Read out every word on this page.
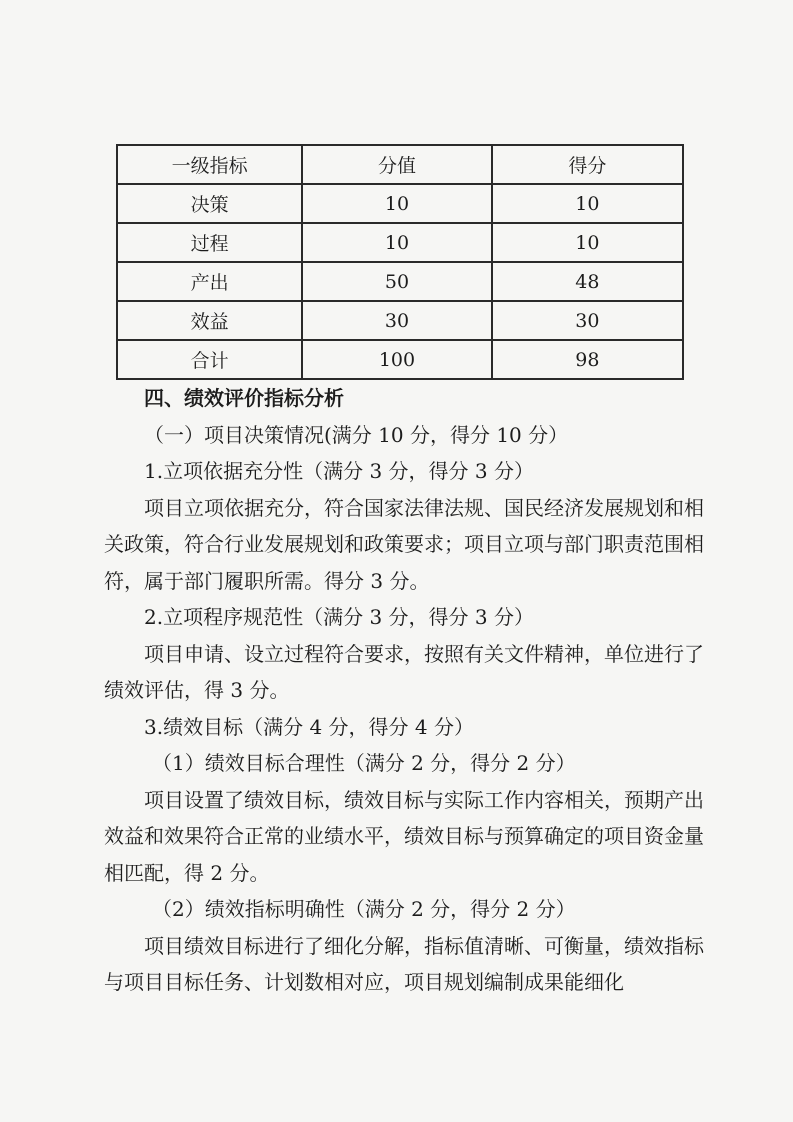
一级指标	分值	得分
决策	10	10
过程	10	10
产出	50	48
效益	30	30
合计	100	98

四、绩效评价指标分析

（一）项目决策情况(满分 10 分，得分 10 分）

1.立项依据充分性（满分 3 分，得分 3 分）

项目立项依据充分，符合国家法律法规、国民经济发展规划和相关政策，符合行业发展规划和政策要求；项目立项与部门职责范围相符，属于部门履职所需。得分 3 分。

2.立项程序规范性（满分 3 分，得分 3 分）

项目申请、设立过程符合要求，按照有关文件精神，单位进行了绩效评估，得 3 分。

3.绩效目标（满分 4 分，得分 4 分）

（1）绩效目标合理性（满分 2 分，得分 2 分）

项目设置了绩效目标，绩效目标与实际工作内容相关，预期产出效益和效果符合正常的业绩水平，绩效目标与预算确定的项目资金量相匹配，得 2 分。

（2）绩效指标明确性（满分 2 分，得分 2 分）

项目绩效目标进行了细化分解，指标值清晰、可衡量，绩效指标与项目目标任务、计划数相对应，项目规划编制成果能细化
